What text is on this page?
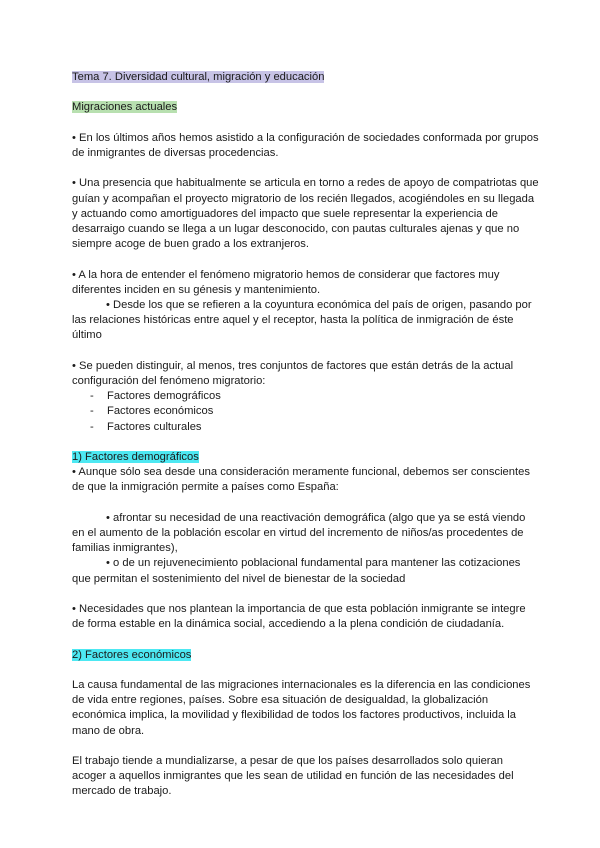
Tema 7. Diversidad cultural, migración y educación

Migraciones actuales

• En los últimos años hemos asistido a la configuración de sociedades conformada por grupos de inmigrantes de diversas procedencias.

• Una presencia que habitualmente se articula en torno a redes de apoyo de compatriotas que guían y acompañan el proyecto migratorio de los recién llegados, acogiéndoles en su llegada y actuando como amortiguadores del impacto que suele representar la experiencia de desarraigo cuando se llega a un lugar desconocido, con pautas culturales ajenas y que no siempre acoge de buen grado a los extranjeros.

• A la hora de entender el fenómeno migratorio hemos de considerar que factores muy diferentes inciden en su génesis y mantenimiento.

• Desde los que se refieren a la coyuntura económica del país de origen, pasando por las relaciones históricas entre aquel y el receptor, hasta la política de inmigración de éste último

• Se pueden distinguir, al menos, tres conjuntos de factores que están detrás de la actual configuración del fenómeno migratorio:

- Factores demográficos
- Factores económicos
- Factores culturales

1) Factores demográficos

• Aunque sólo sea desde una consideración meramente funcional, debemos ser conscientes de que la inmigración permite a países como España:

• afrontar su necesidad de una reactivación demográfica (algo que ya se está viendo en el aumento de la población escolar en virtud del incremento de niños/as procedentes de familias inmigrantes),

• o de un rejuvenecimiento poblacional fundamental para mantener las cotizaciones que permitan el sostenimiento del nivel de bienestar de la sociedad

• Necesidades que nos plantean la importancia de que esta población inmigrante se integre de forma estable en la dinámica social, accediendo a la plena condición de ciudadanía.

2) Factores económicos

La causa fundamental de las migraciones internacionales es la diferencia en las condiciones de vida entre regiones, países. Sobre esa situación de desigualdad, la globalización económica implica, la movilidad y flexibilidad de todos los factores productivos, incluida la mano de obra.

El trabajo tiende a mundializarse, a pesar de que los países desarrollados solo quieran acoger a aquellos inmigrantes que les sean de utilidad en función de las necesidades del mercado de trabajo.
